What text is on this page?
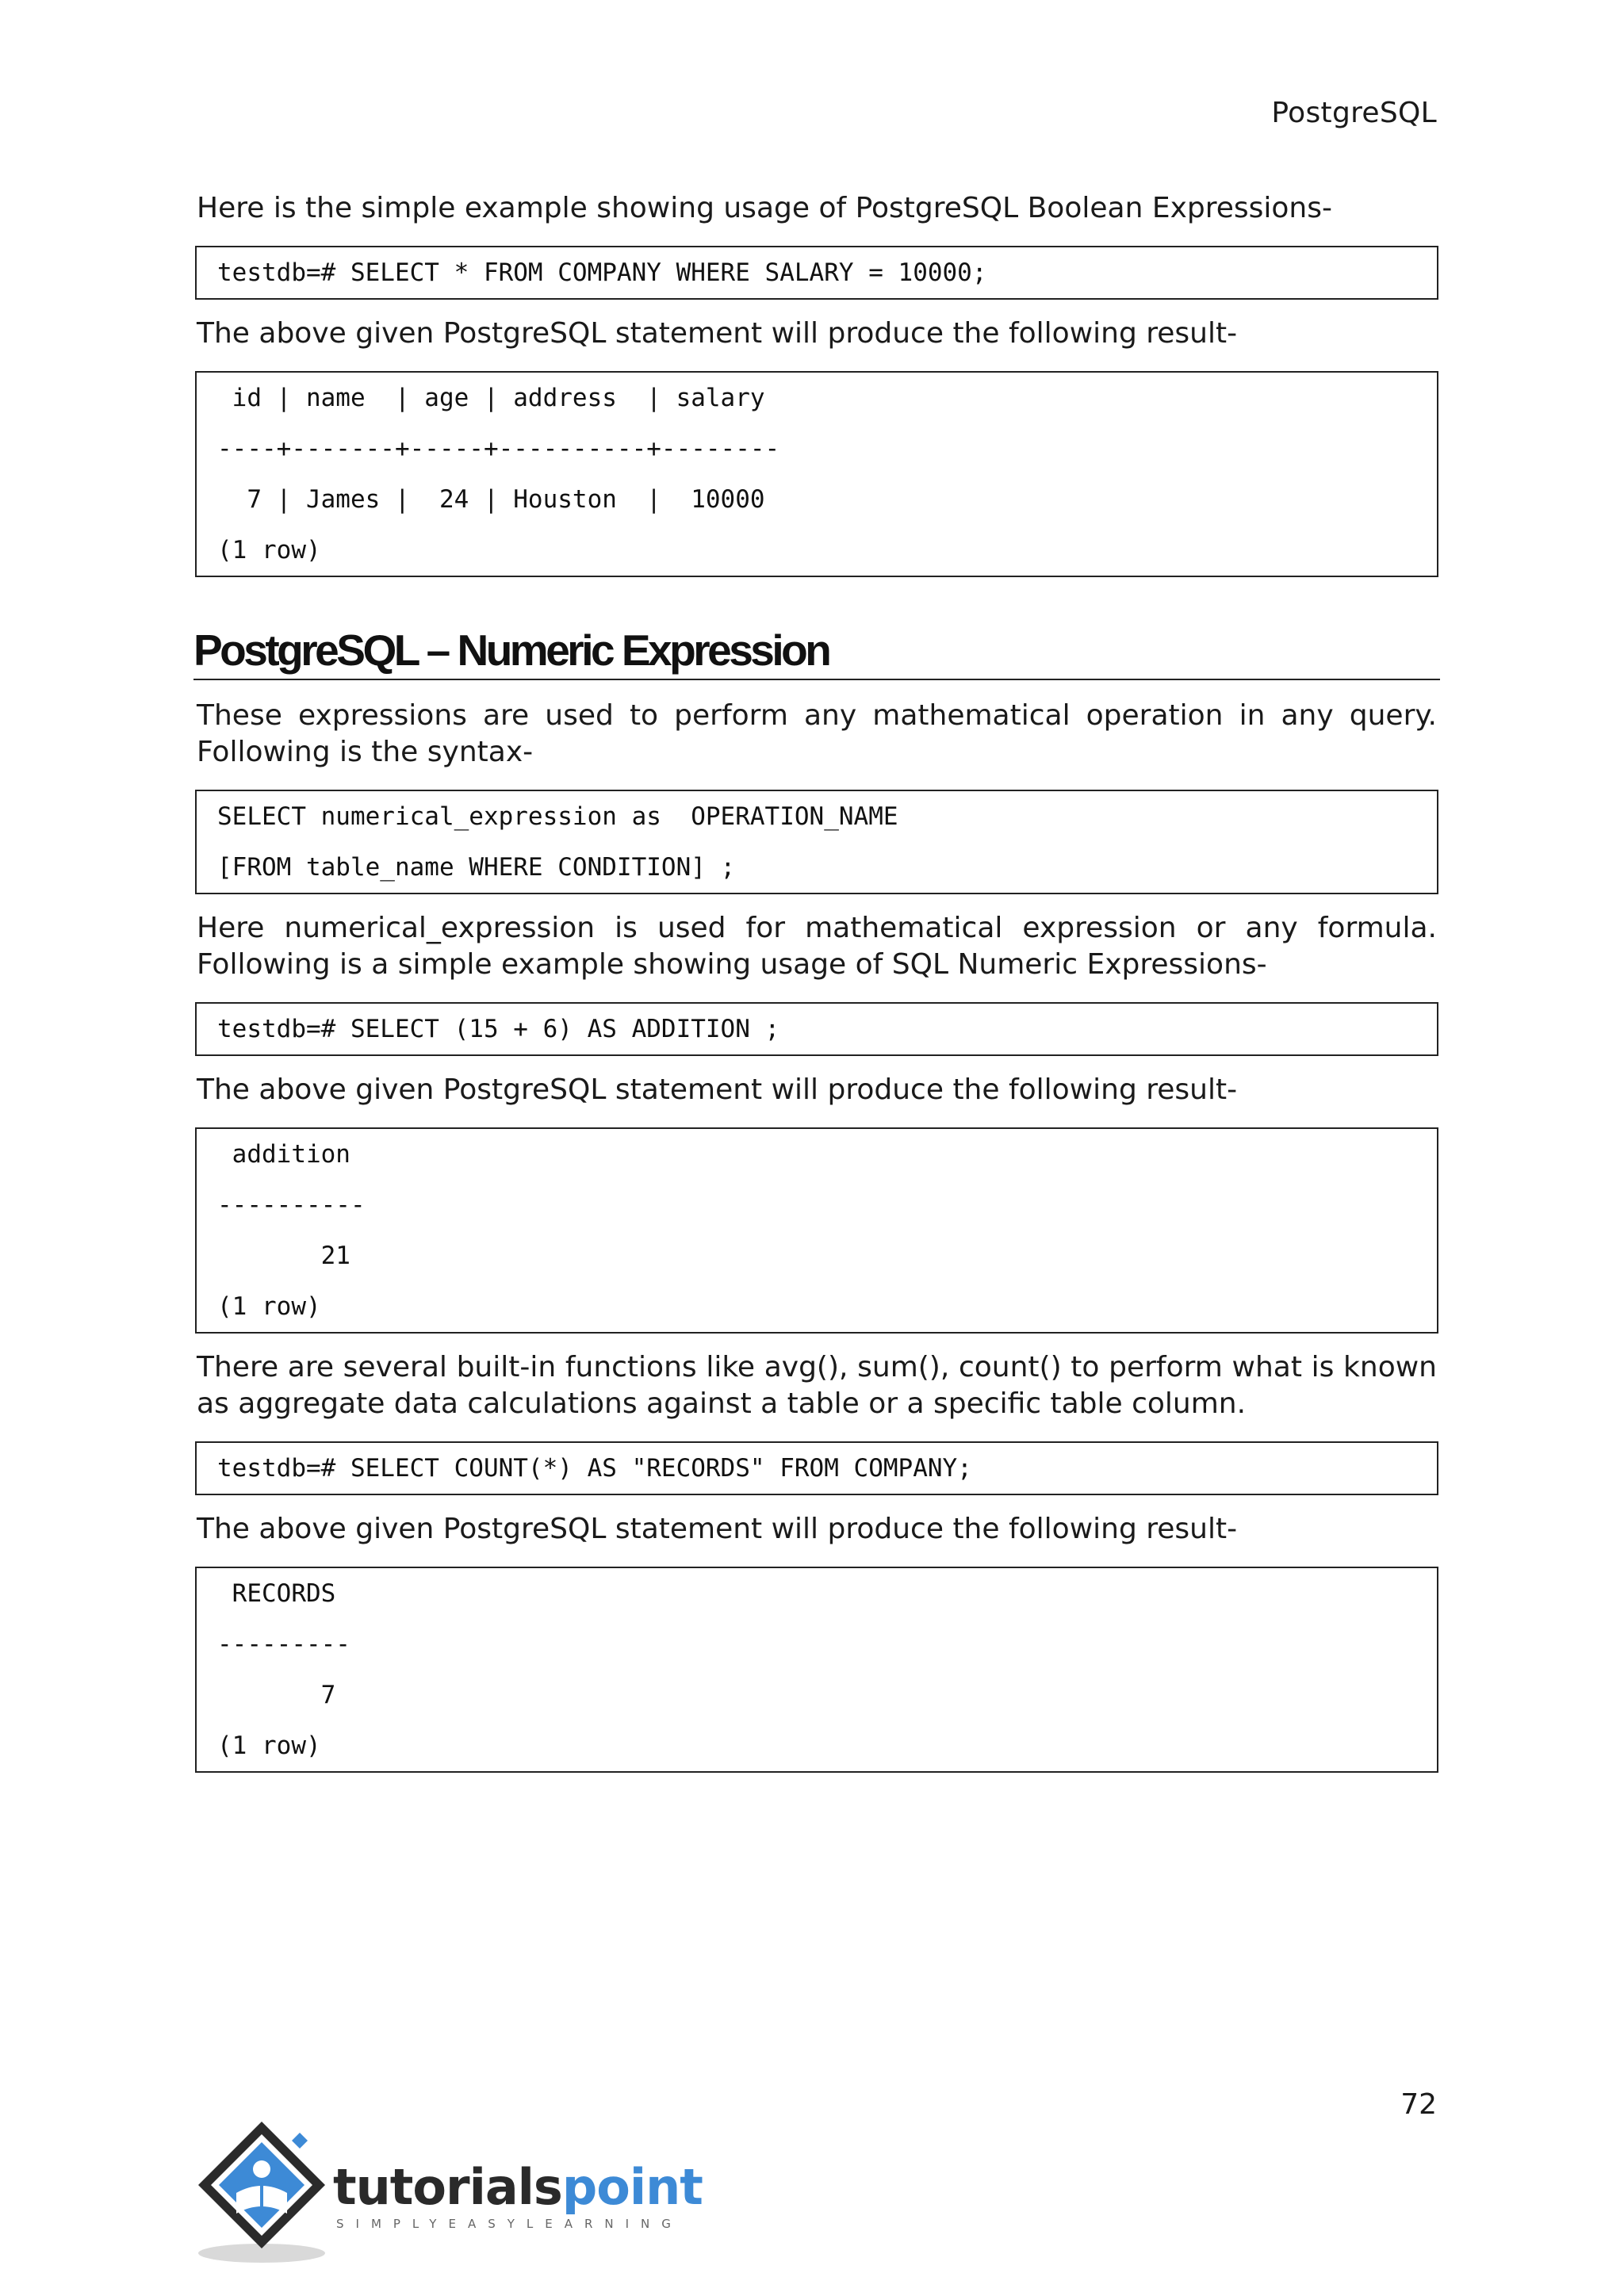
PostgreSQL

Here is the simple example showing usage of PostgreSQL Boolean Expressions-

testdb=# SELECT * FROM COMPANY WHERE SALARY = 10000;

The above given PostgreSQL statement will produce the following result-

id | name  | age | address  | salary
----+-------+-----+----------+--------
7 | James |  24 | Houston  |  10000
(1 row)
PostgreSQL – Numeric Expression

These expressions are used to perform any mathematical operation in any query. Following is the syntax-

SELECT numerical_expression as  OPERATION_NAME
[FROM table_name WHERE CONDITION] ;

Here numerical_expression is used for mathematical expression or any formula. Following is a simple example showing usage of SQL Numeric Expressions-

testdb=# SELECT (15 + 6) AS ADDITION ;

The above given PostgreSQL statement will produce the following result-

addition
----------
21
(1 row)

There are several built-in functions like avg(), sum(), count() to perform what is known as aggregate data calculations against a table or a specific table column.

testdb=# SELECT COUNT(*) AS "RECORDS" FROM COMPANY;

The above given PostgreSQL statement will produce the following result-

RECORDS
---------
7
(1 row)
72
tutorialspoint
SIMPLYEASYLEARNING
